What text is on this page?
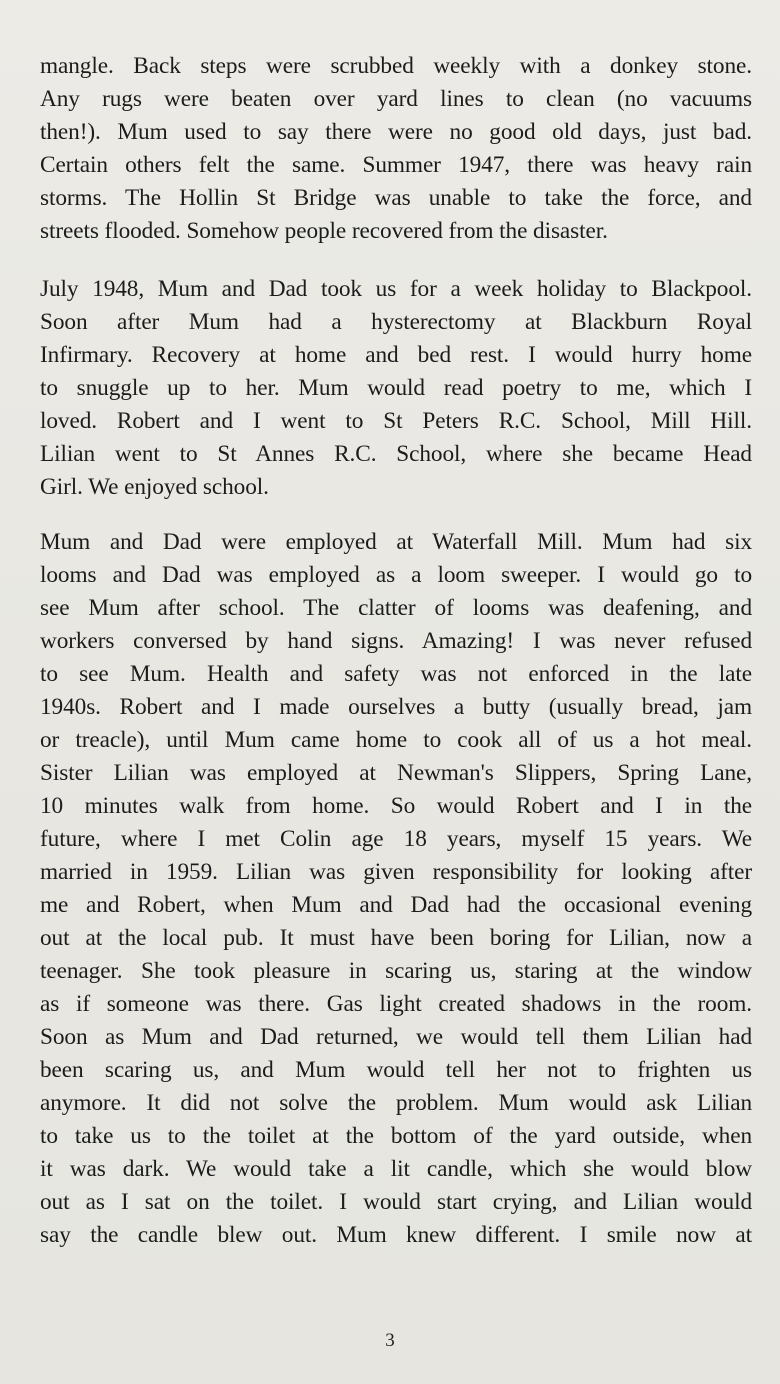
mangle. Back steps were scrubbed weekly with a donkey stone.
Any rugs were beaten over yard lines to clean (no vacuums
then!). Mum used to say there were no good old days, just bad.
Certain others felt the same. Summer 1947, there was heavy rain
storms. The Hollin St Bridge was unable to take the force, and
streets flooded. Somehow people recovered from the disaster.
July 1948, Mum and Dad took us for a week holiday to Blackpool.
Soon after Mum had a hysterectomy at Blackburn Royal
Infirmary. Recovery at home and bed rest. I would hurry home
to snuggle up to her. Mum would read poetry to me, which I
loved. Robert and I went to St Peters R.C. School, Mill Hill.
Lilian went to St Annes R.C. School, where she became Head
Girl. We enjoyed school.
Mum and Dad were employed at Waterfall Mill. Mum had six
looms and Dad was employed as a loom sweeper. I would go to
see Mum after school. The clatter of looms was deafening, and
workers conversed by hand signs. Amazing! I was never refused
to see Mum. Health and safety was not enforced in the late
1940s. Robert and I made ourselves a butty (usually bread, jam
or treacle), until Mum came home to cook all of us a hot meal.
Sister Lilian was employed at Newman's Slippers, Spring Lane,
10 minutes walk from home. So would Robert and I in the
future, where I met Colin age 18 years, myself 15 years. We
married in 1959. Lilian was given responsibility for looking after
me and Robert, when Mum and Dad had the occasional evening
out at the local pub. It must have been boring for Lilian, now a
teenager. She took pleasure in scaring us, staring at the window
as if someone was there. Gas light created shadows in the room.
Soon as Mum and Dad returned, we would tell them Lilian had
been scaring us, and Mum would tell her not to frighten us
anymore. It did not solve the problem. Mum would ask Lilian
to take us to the toilet at the bottom of the yard outside, when
it was dark. We would take a lit candle, which she would blow
out as I sat on the toilet. I would start crying, and Lilian would
say the candle blew out. Mum knew different. I smile now at
3
